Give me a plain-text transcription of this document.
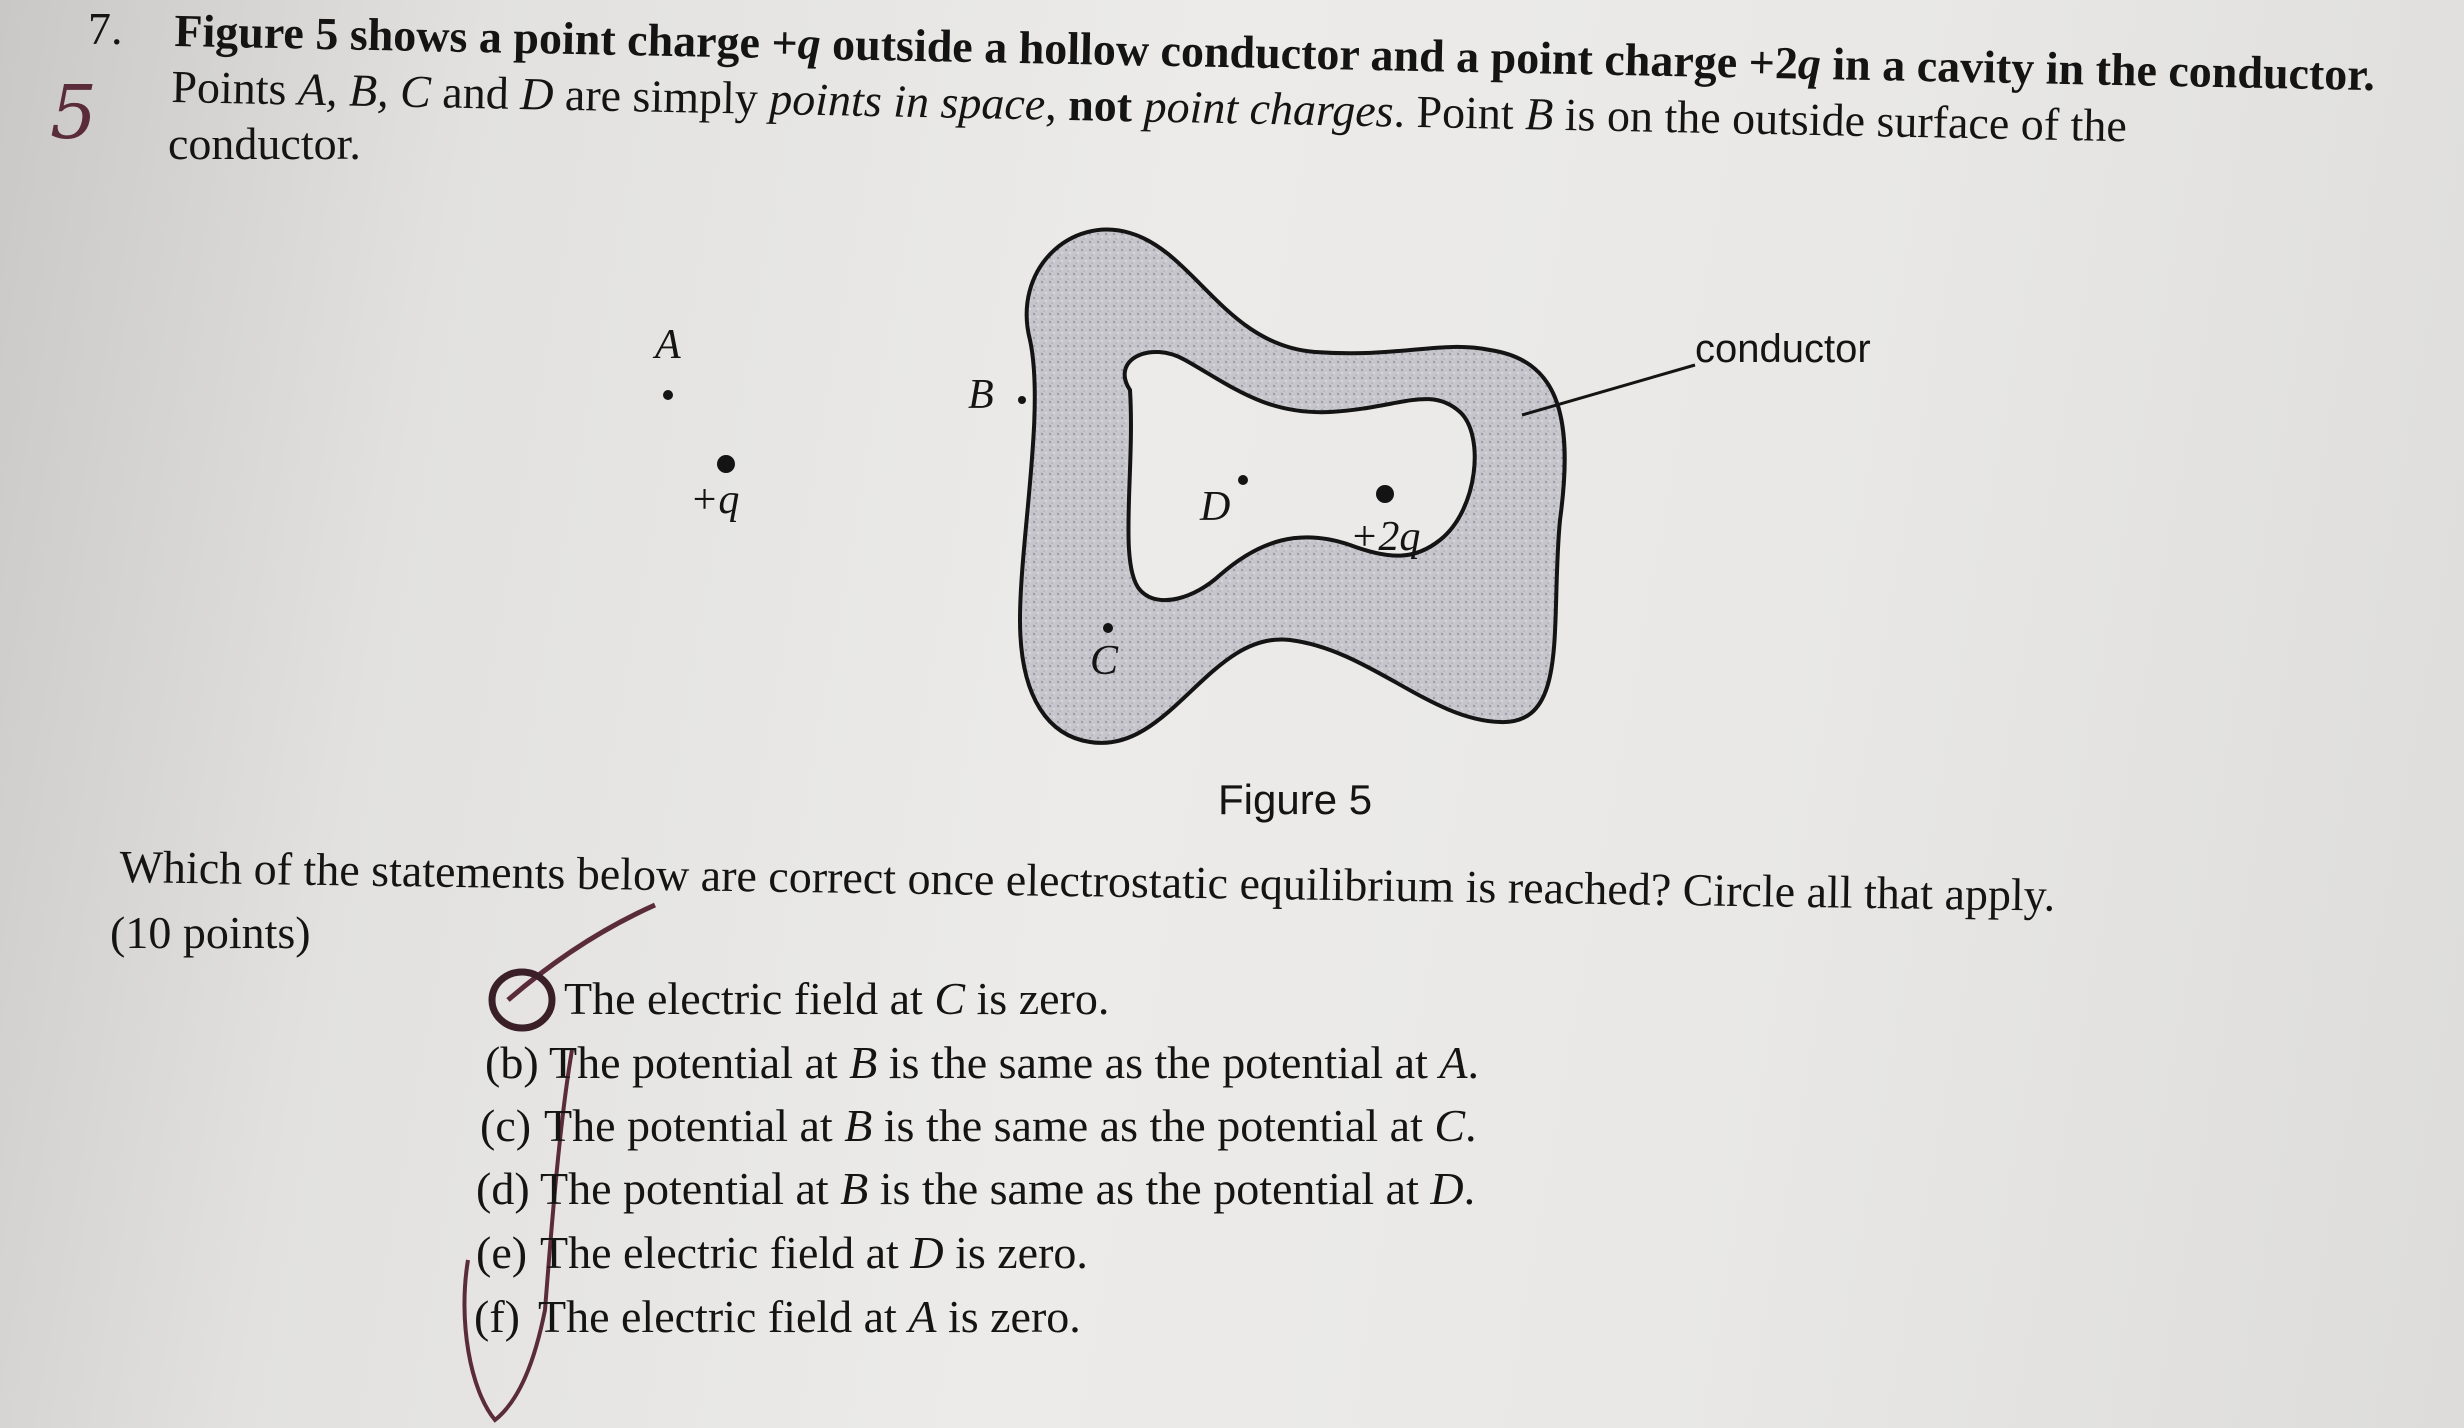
7.
5
Figure 5 shows a point charge +q outside a hollow conductor and a point charge +2q in a cavity in the conductor.
Points A, B, C and D are simply points in space, not point charges. Point B is on the outside surface of the
conductor.
A
+q
B
C
D
+2q
conductor
Figure 5
Which of the statements below are correct once electrostatic equilibrium is reached? Circle all that apply.
(10 points)
The electric field at C is zero.
(b) The potential at B is the same as the potential at A.
(c) The potential at B is the same as the potential at C.
(d) The potential at B is the same as the potential at D.
(e) The electric field at D is zero.
(f) The electric field at A is zero.
